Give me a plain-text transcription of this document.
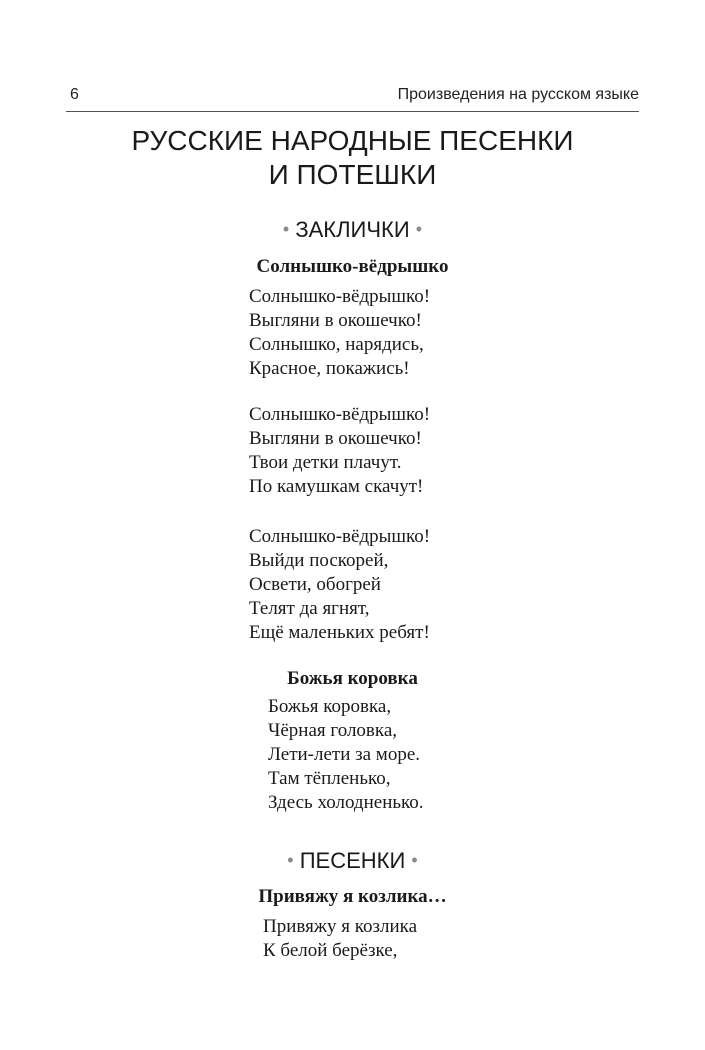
6	Произведения на русском языке
РУССКИЕ НАРОДНЫЕ ПЕСЕНКИ
И ПОТЕШКИ
• ЗАКЛИЧКИ •
Солнышко-вёдрышко
Солнышко-вёдрышко!
Выгляни в окошечко!
Солнышко, нарядись,
Красное, покажись!
Солнышко-вёдрышко!
Выгляни в окошечко!
Твои детки плачут.
По камушкам скачут!
Солнышко-вёдрышко!
Выйди поскорей,
Освети, обогрей
Телят да ягнят,
Ещё маленьких ребят!
Божья коровка
Божья коровка,
Чёрная головка,
Лети-лети за море.
Там тёпленько,
Здесь холодненько.
• ПЕСЕНКИ •
Привяжу я козлика…
Привяжу я козлика
К белой берёзке,
